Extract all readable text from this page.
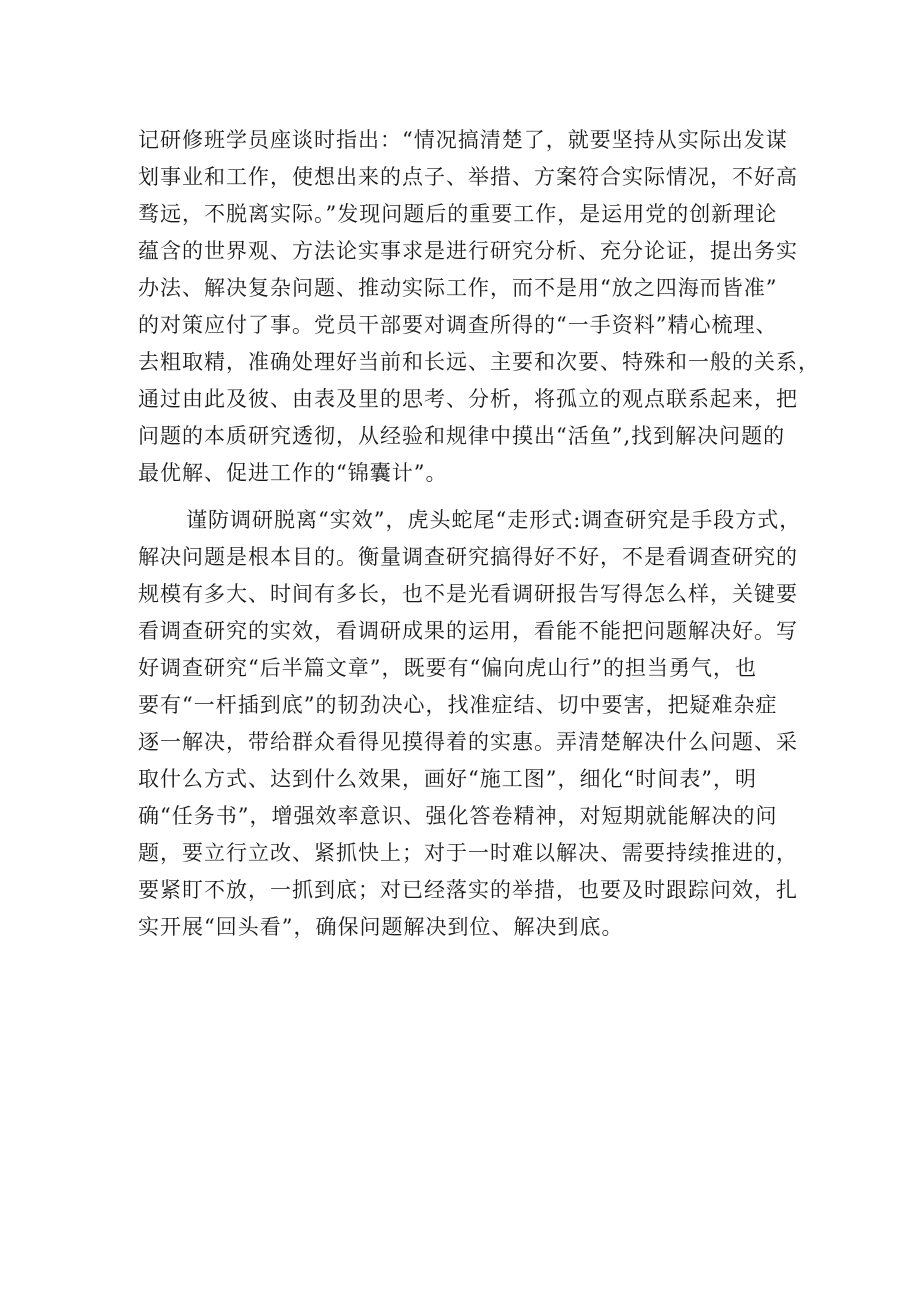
记研修班学员座谈时指出：“情况搞清楚了，就要坚持从实际出发谋
划事业和工作，使想出来的点子、举措、方案符合实际情况，不好高
骛远，不脱离实际。”发现问题后的重要工作，是运用党的创新理论
蕴含的世界观、方法论实事求是进行研究分析、充分论证，提出务实
办法、解决复杂问题、推动实际工作，而不是用“放之四海而皆准”
的对策应付了事。党员干部要对调查所得的“一手资料”精心梳理、
去粗取精，准确处理好当前和长远、主要和次要、特殊和一般的关系，
通过由此及彼、由表及里的思考、分析，将孤立的观点联系起来，把
问题的本质研究透彻，从经验和规律中摸出“活鱼”,找到解决问题的
最优解、促进工作的“锦囊计”。
谨防调研脱离“实效”，虎头蛇尾“走形式:调查研究是手段方式，
解决问题是根本目的。衡量调查研究搞得好不好，不是看调查研究的
规模有多大、时间有多长，也不是光看调研报告写得怎么样，关键要
看调查研究的实效，看调研成果的运用，看能不能把问题解决好。写
好调查研究“后半篇文章”，既要有“偏向虎山行”的担当勇气，也
要有“一杆插到底”的韧劲决心，找准症结、切中要害，把疑难杂症
逐一解决，带给群众看得见摸得着的实惠。弄清楚解决什么问题、采
取什么方式、达到什么效果，画好“施工图”，细化“时间表”，明
确“任务书”，增强效率意识、强化答卷精神，对短期就能解决的问
题，要立行立改、紧抓快上；对于一时难以解决、需要持续推进的，
要紧盯不放，一抓到底；对已经落实的举措，也要及时跟踪问效，扎
实开展“回头看”，确保问题解决到位、解决到底。
